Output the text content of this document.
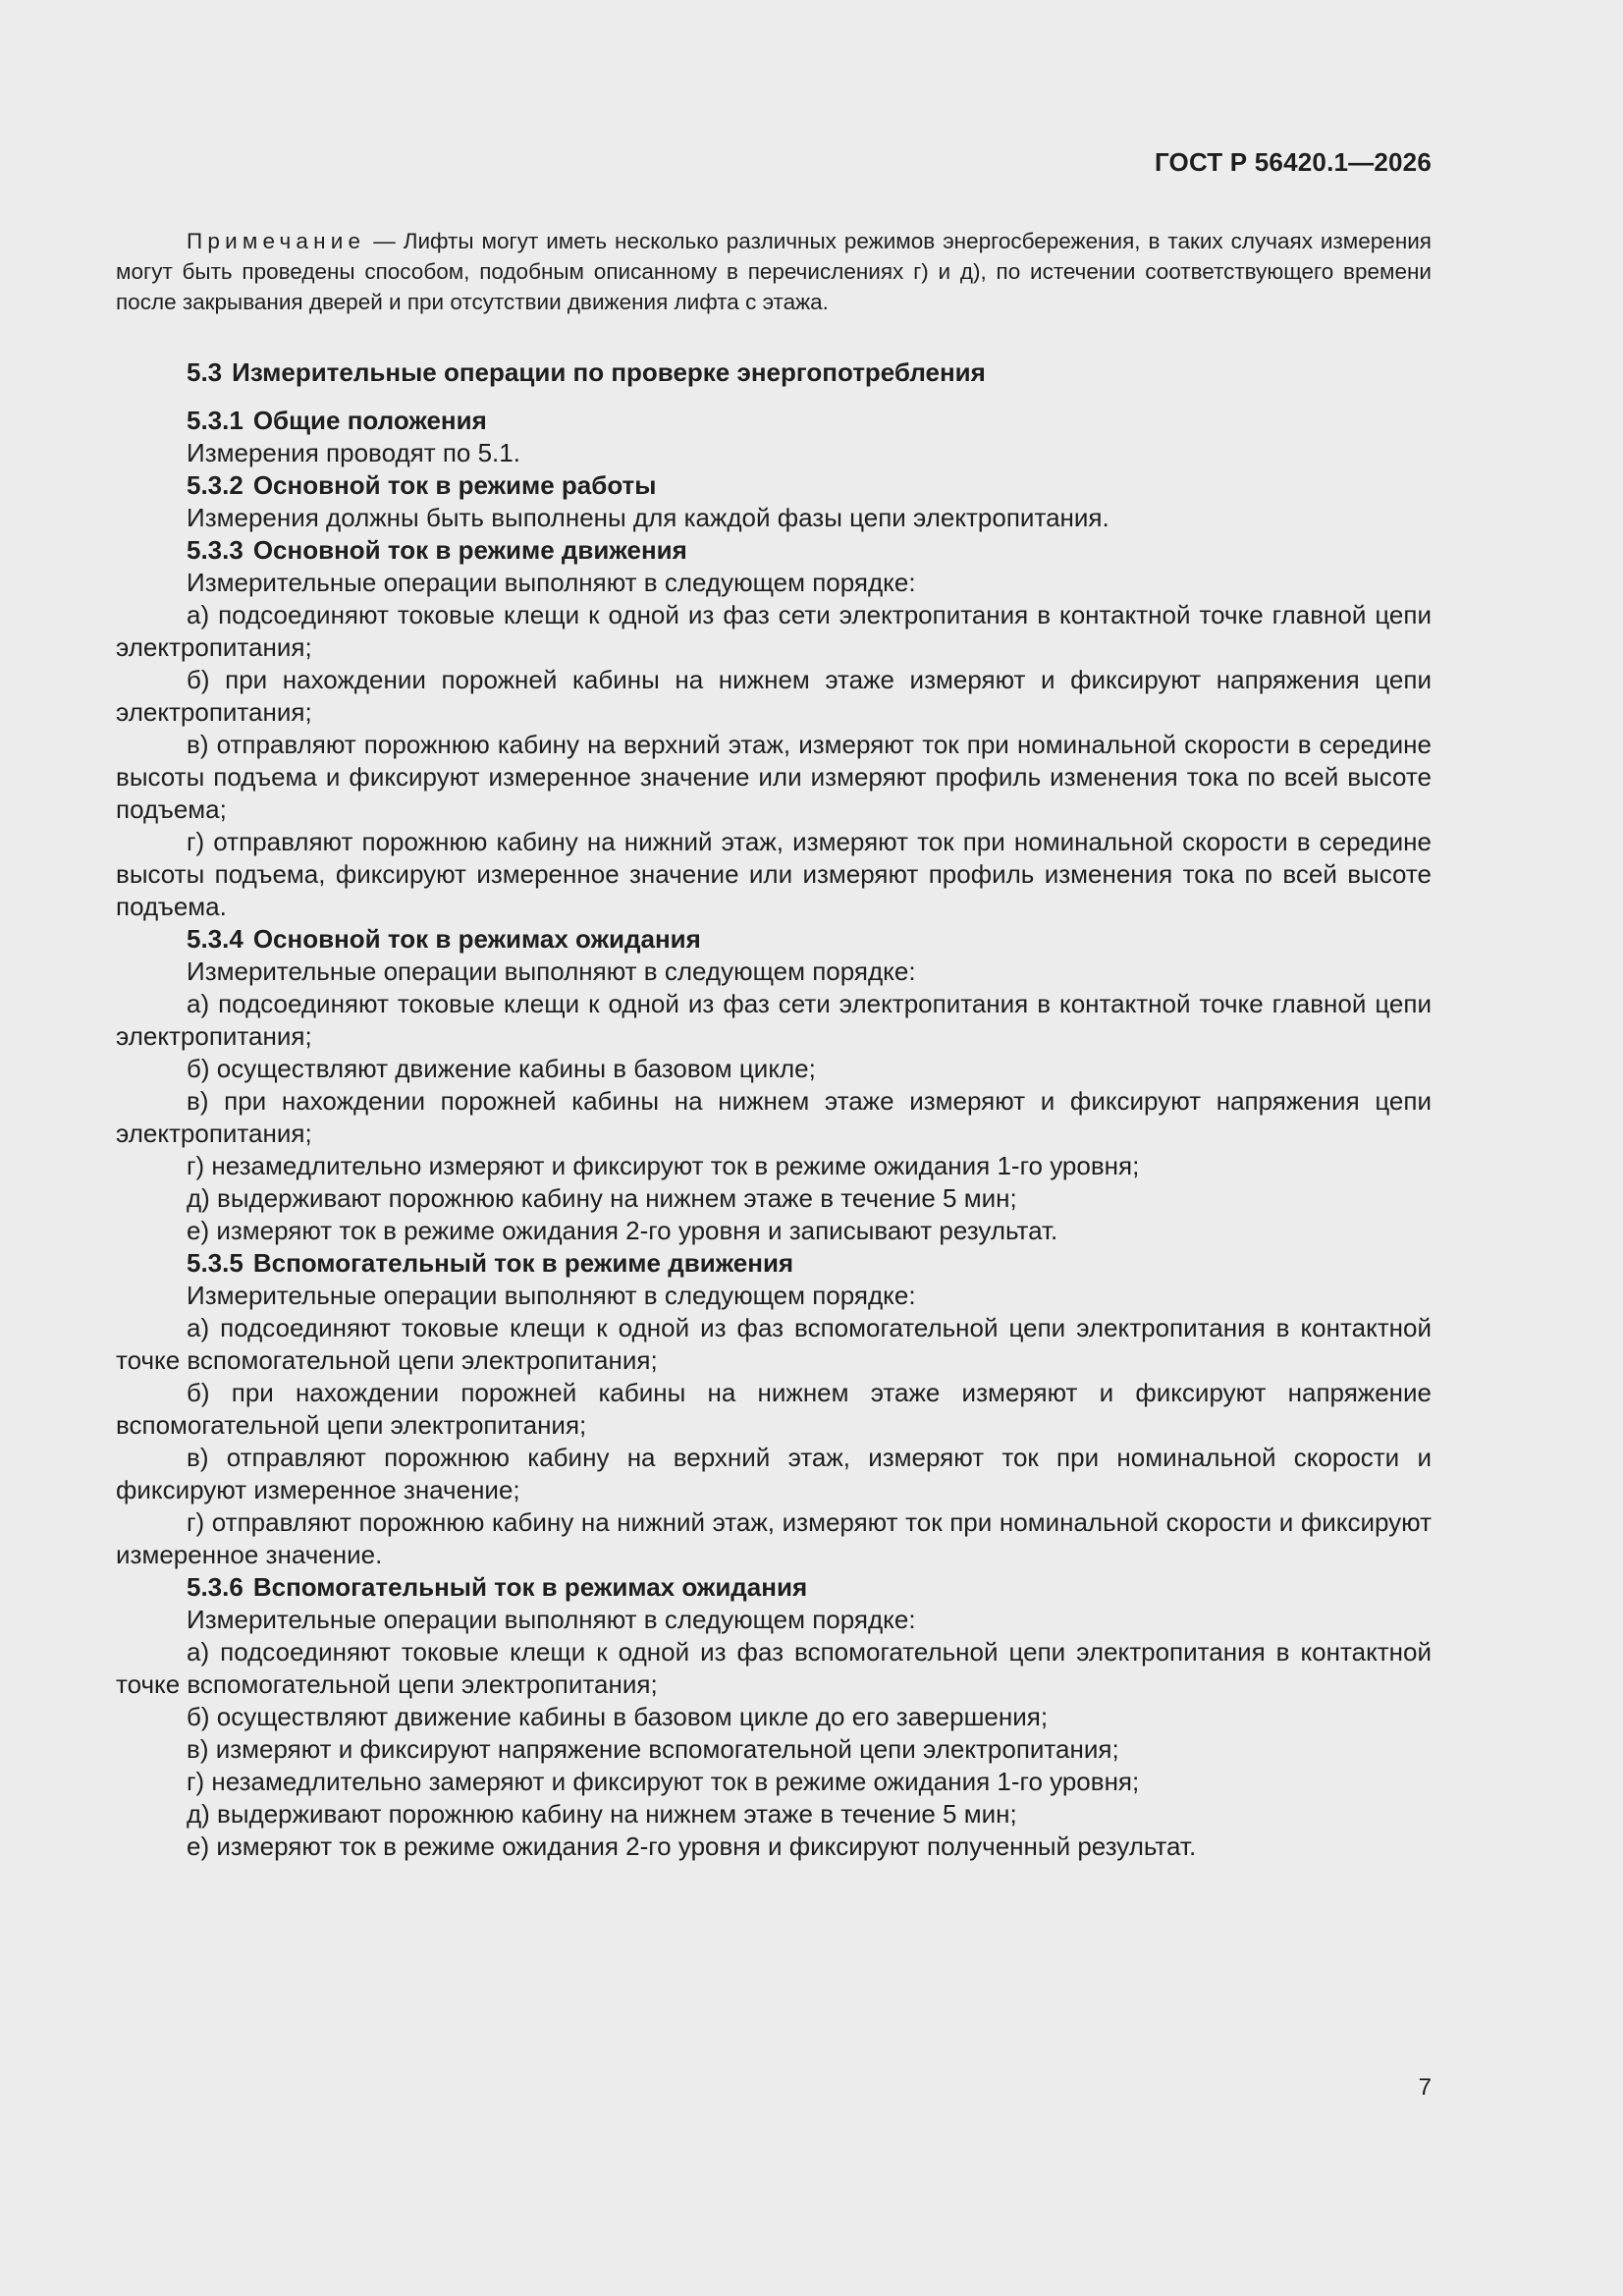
ГОСТ Р 56420.1—2026

Примечание — Лифты могут иметь несколько различных режимов энергосбережения, в таких случаях измерения могут быть проведены способом, подобным описанному в перечислениях г) и д), по истечении соответствующего времени после закрывания дверей и при отсутствии движения лифта с этажа.

5.3 Измерительные операции по проверке энергопотребления
5.3.1 Общие положения

Измерения проводят по 5.1.

5.3.2 Основной ток в режиме работы

Измерения должны быть выполнены для каждой фазы цепи электропитания.

5.3.3 Основной ток в режиме движения

Измерительные операции выполняют в следующем порядке:

а) подсоединяют токовые клещи к одной из фаз сети электропитания в контактной точке главной цепи электропитания;

б) при нахождении порожней кабины на нижнем этаже измеряют и фиксируют напряжения цепи электропитания;

в) отправляют порожнюю кабину на верхний этаж, измеряют ток при номинальной скорости в середине высоты подъема и фиксируют измеренное значение или измеряют профиль изменения тока по всей высоте подъема;

г) отправляют порожнюю кабину на нижний этаж, измеряют ток при номинальной скорости в середине высоты подъема, фиксируют измеренное значение или измеряют профиль изменения тока по всей высоте подъема.

5.3.4 Основной ток в режимах ожидания

Измерительные операции выполняют в следующем порядке:

а) подсоединяют токовые клещи к одной из фаз сети электропитания в контактной точке главной цепи электропитания;

б) осуществляют движение кабины в базовом цикле;

в) при нахождении порожней кабины на нижнем этаже измеряют и фиксируют напряжения цепи электропитания;

г) незамедлительно измеряют и фиксируют ток в режиме ожидания 1-го уровня;

д) выдерживают порожнюю кабину на нижнем этаже в течение 5 мин;

е) измеряют ток в режиме ожидания 2-го уровня и записывают результат.

5.3.5 Вспомогательный ток в режиме движения

Измерительные операции выполняют в следующем порядке:

а) подсоединяют токовые клещи к одной из фаз вспомогательной цепи электропитания в контактной точке вспомогательной цепи электропитания;

б) при нахождении порожней кабины на нижнем этаже измеряют и фиксируют напряжение вспомогательной цепи электропитания;

в) отправляют порожнюю кабину на верхний этаж, измеряют ток при номинальной скорости и фиксируют измеренное значение;

г) отправляют порожнюю кабину на нижний этаж, измеряют ток при номинальной скорости и фиксируют измеренное значение.

5.3.6 Вспомогательный ток в режимах ожидания

Измерительные операции выполняют в следующем порядке:

а) подсоединяют токовые клещи к одной из фаз вспомогательной цепи электропитания в контактной точке вспомогательной цепи электропитания;

б) осуществляют движение кабины в базовом цикле до его завершения;

в) измеряют и фиксируют напряжение вспомогательной цепи электропитания;

г) незамедлительно замеряют и фиксируют ток в режиме ожидания 1-го уровня;

д) выдерживают порожнюю кабину на нижнем этаже в течение 5 мин;

е) измеряют ток в режиме ожидания 2-го уровня и фиксируют полученный результат.

7
